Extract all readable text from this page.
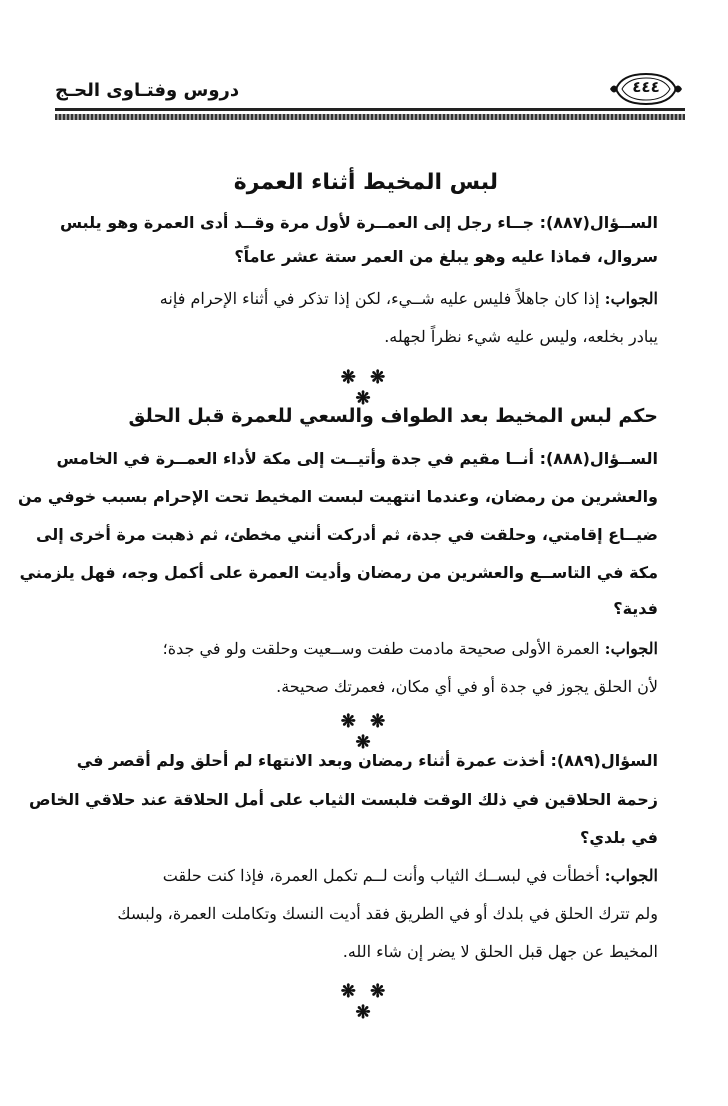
دروس وفتـاوى الحـج	٤٤٤
لبس المخيط أثناء العمرة
الســؤال(٨٨٧): جــاء رجل إلى العمــرة لأول مرة وقــد أدى العمرة وهو يلبس
سروال، فماذا عليه وهو يبلغ من العمر ستة عشر عاماً؟
الجواب: إذا كان جاهلاً فليس عليه شــيء، لكن إذا تذكر في أثناء الإحرام فإنه
يبادر بخلعه، وليس عليه شيء نظراً لجهله.
❋ ❋ ❋
حكم لبس المخيط بعد الطواف والسعي للعمرة قبل الحلق
الســؤال(٨٨٨): أنــا مقيم في جدة وأتيــت إلى مكة لأداء العمــرة في الخامس
والعشرين من رمضان، وعندما انتهيت لبست المخيط تحت الإحرام بسبب خوفي من
ضيــاع إقامتي، وحلقت في جدة، ثم أدركت أنني مخطئ، ثم ذهبت مرة أخرى إلى
مكة في التاســع والعشرين من رمضان وأديت العمرة على أكمل وجه، فهل يلزمني
فدية؟
الجواب: العمرة الأولى صحيحة مادمت طفت وســعيت وحلقت ولو في جدة؛
لأن الحلق يجوز في جدة أو في أي مكان، فعمرتك صحيحة.
❋ ❋ ❋
السؤال(٨٨٩): أخذت عمرة أثناء رمضان وبعد الانتهاء لم أحلق ولم أقصر في
زحمة الحلاقين في ذلك الوقت فلبست الثياب على أمل الحلاقة عند حلاقي الخاص
في بلدي؟
الجواب: أخطأت في لبســك الثياب وأنت لــم تكمل العمرة، فإذا كنت حلقت
ولم تترك الحلق في بلدك أو في الطريق فقد أديت النسك وتكاملت العمرة، ولبسك
المخيط عن جهل قبل الحلق لا يضر إن شاء الله.
❋ ❋ ❋
